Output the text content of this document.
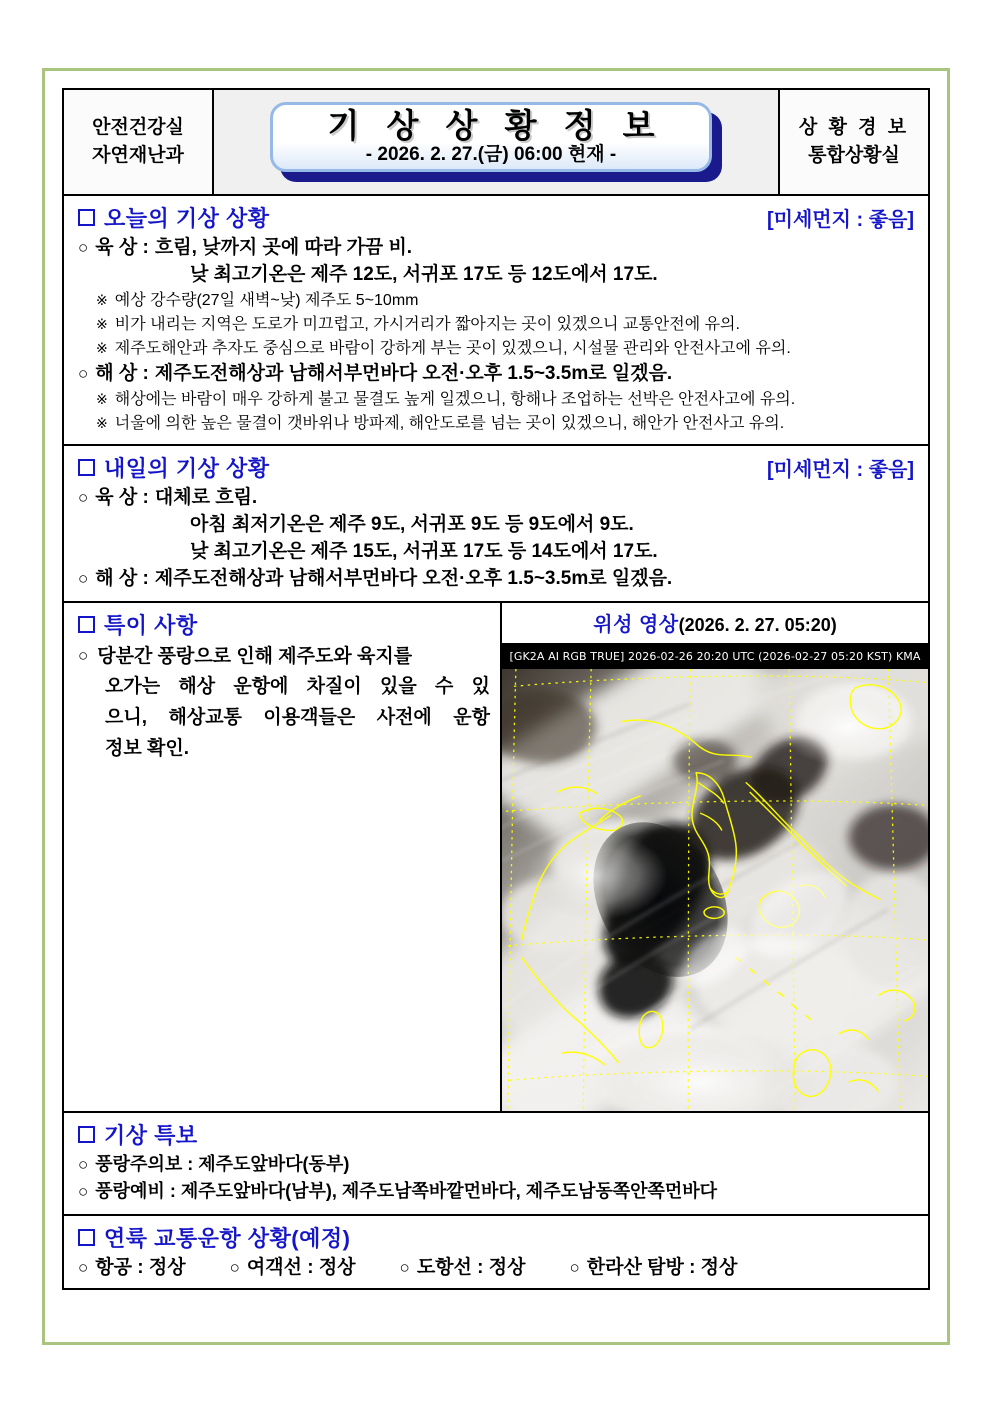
안전건강실
자연재난과
기 상 상 황 정 보
- 2026. 2. 27.(금) 06:00 현재 -
상 황 경 보
통합상황실
오늘의 기상 상황	[미세먼지 : 좋음]
○ 육 상 : 흐림, 낮까지 곳에 따라 가끔 비.
낮 최고기온은 제주 12도, 서귀포 17도 등 12도에서 17도.
※ 예상 강수량(27일 새벽~낮) 제주도 5~10mm
※ 비가 내리는 지역은 도로가 미끄럽고, 가시거리가 짧아지는 곳이 있겠으니 교통안전에 유의.
※ 제주도해안과 추자도 중심으로 바람이 강하게 부는 곳이 있겠으니, 시설물 관리와 안전사고에 유의.
○ 해 상 : 제주도전해상과 남해서부먼바다 오전·오후 1.5~3.5m로 일겠음.
※ 해상에는 바람이 매우 강하게 불고 물결도 높게 일겠으니, 항해나 조업하는 선박은 안전사고에 유의.
※ 너울에 의한 높은 물결이 갯바위나 방파제, 해안도로를 넘는 곳이 있겠으니, 해안가 안전사고 유의.
내일의 기상 상황	[미세먼지 : 좋음]
○ 육 상 : 대체로 흐림.
아침 최저기온은 제주 9도, 서귀포 9도 등 9도에서 9도.
낮 최고기온은 제주 15도, 서귀포 17도 등 14도에서 17도.
○ 해 상 : 제주도전해상과 남해서부먼바다 오전·오후 1.5~3.5m로 일겠음.
특이 사항
○ 당분간 풍랑으로 인해 제주도와 육지를
오가는 해상 운항에 차질이 있을 수 있
으니, 해상교통 이용객들은 사전에 운항
정보 확인.
위성 영상(2026. 2. 27. 05:20)
[GK2A AI RGB TRUE] 2026-02-26 20:20 UTC (2026-02-27 05:20 KST) KMA
기상 특보
○ 풍랑주의보 : 제주도앞바다(동부)
○ 풍랑예비 : 제주도앞바다(남부), 제주도남쪽바깥먼바다, 제주도남동쪽안쪽먼바다
연륙 교통운항 상황(예정)
○ 항공 : 정상	○ 여객선 : 정상	○ 도항선 : 정상	○ 한라산 탐방 : 정상
